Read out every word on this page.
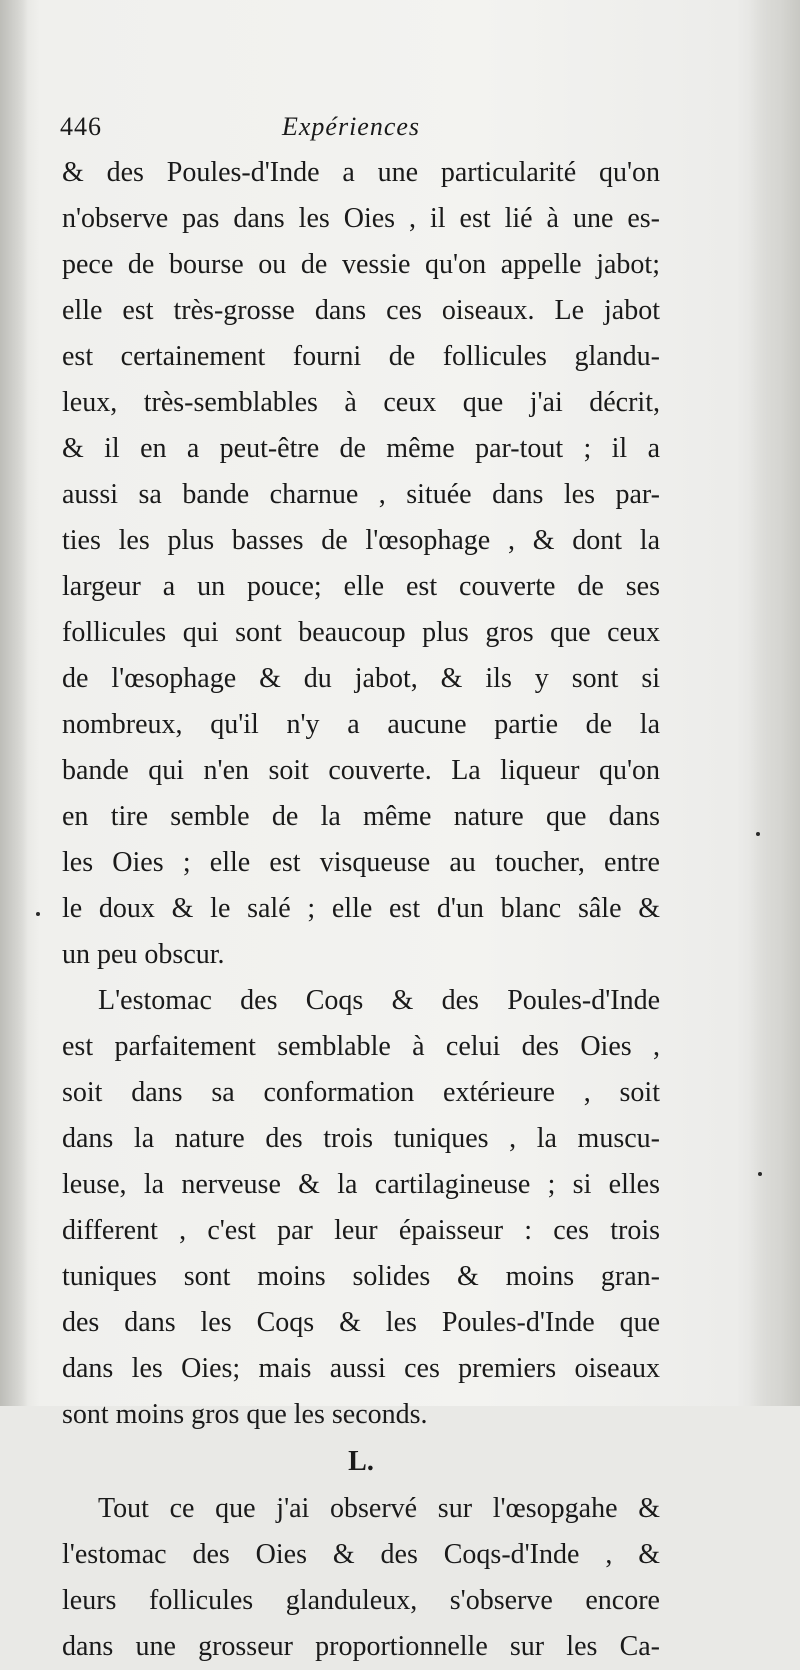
446	Expériences
& des Poules-d'Inde a une particularité qu'on
n'observe pas dans les Oies , il est lié à une es-
pece de bourse ou de vessie qu'on appelle jabot;
elle est très-grosse dans ces oiseaux. Le jabot
est certainement fourni de follicules glandu-
leux, très-semblables à ceux que j'ai décrit,
& il en a peut-être de même par-tout ; il a
aussi sa bande charnue , située dans les par-
ties les plus basses de l'œsophage , & dont la
largeur a un pouce; elle est couverte de ses
follicules qui sont beaucoup plus gros que ceux
de l'œsophage & du jabot, & ils y sont si
nombreux, qu'il n'y a aucune partie de la
bande qui n'en soit couverte. La liqueur qu'on
en tire semble de la même nature que dans
les Oies ; elle est visqueuse au toucher, entre
le doux & le salé ; elle est d'un blanc sâle &
un peu obscur.
L'estomac des Coqs & des Poules-d'Inde
est parfaitement semblable à celui des Oies ,
soit dans sa conformation extérieure , soit
dans la nature des trois tuniques , la muscu-
leuse, la nerveuse & la cartilagineuse ; si elles
different , c'est par leur épaisseur : ces trois
tuniques sont moins solides & moins gran-
des dans les Coqs & les Poules-d'Inde que
dans les Oies; mais aussi ces premiers oiseaux
sont moins gros que les seconds.
L.
Tout ce que j'ai observé sur l'œsopgahe &
l'estomac des Oies & des Coqs-d'Inde , &
leurs follicules glanduleux, s'observe encore
dans une grosseur proportionnelle sur les Ca-
